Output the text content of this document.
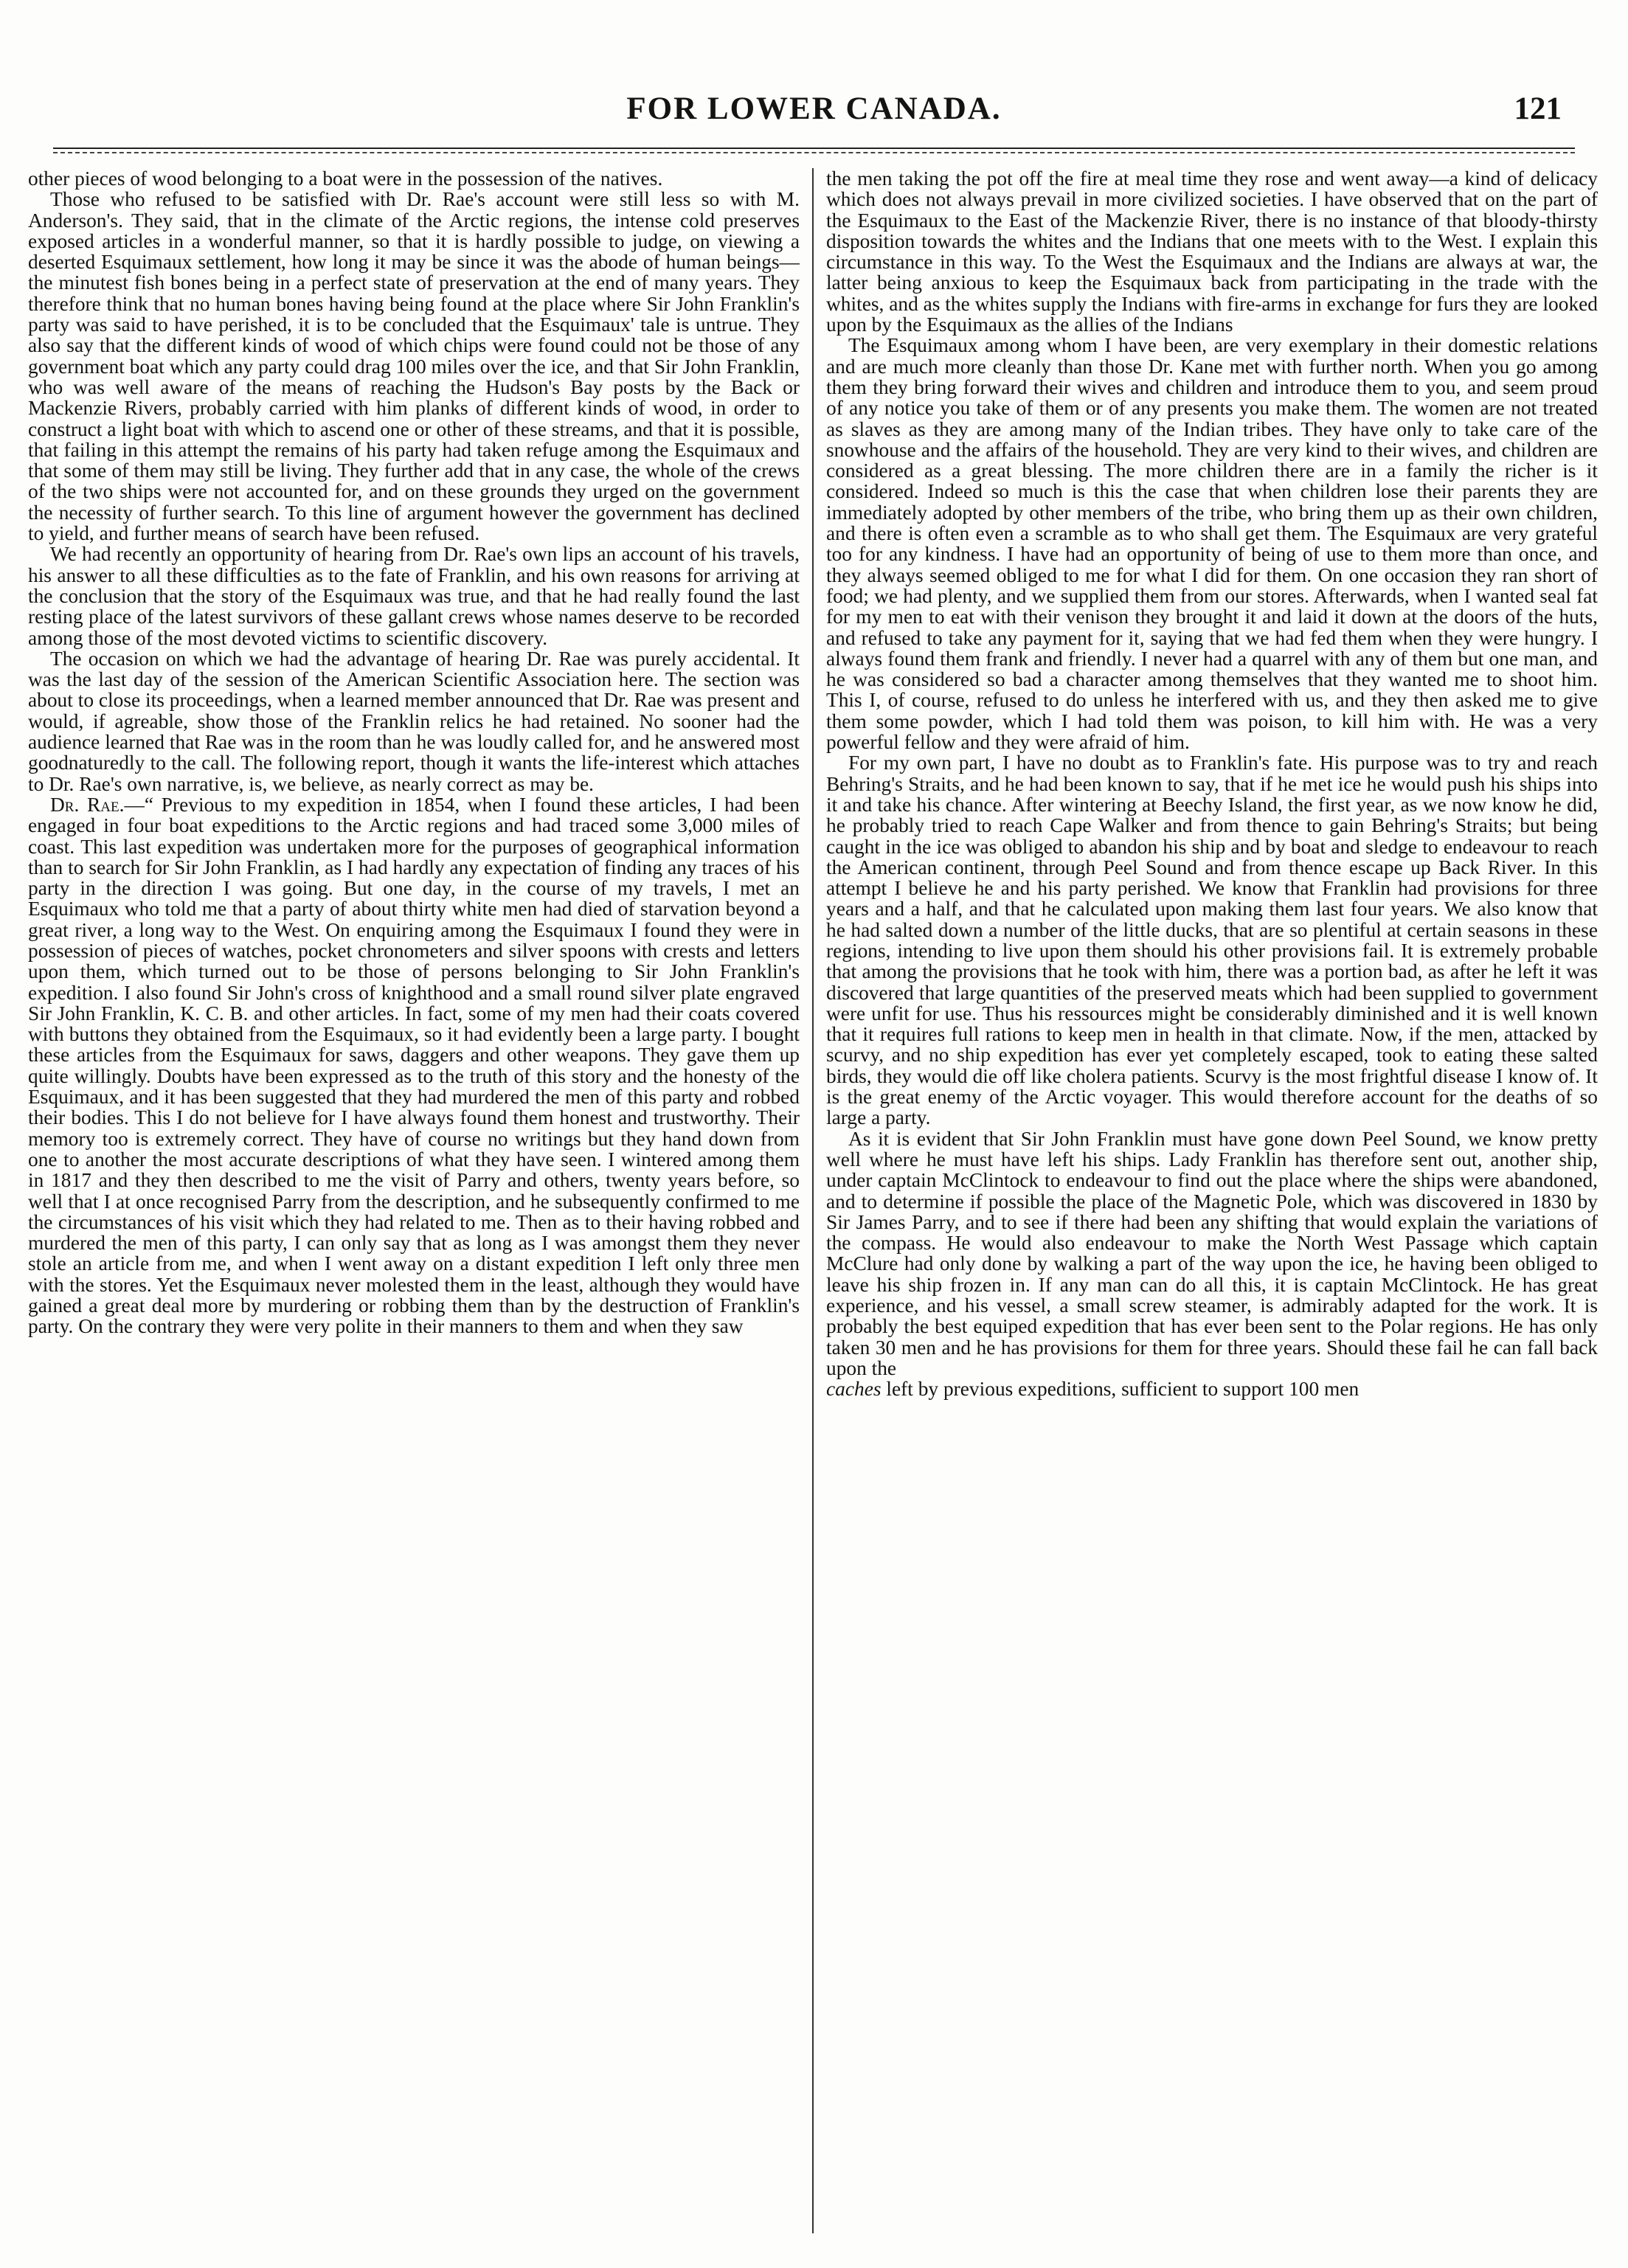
FOR LOWER CANADA.	121

other pieces of wood belonging to a boat were in the possession of the natives.

Those who refused to be satisfied with Dr. Rae's account were still less so with M. Anderson's. They said, that in the climate of the Arctic regions, the intense cold preserves exposed articles in a wonderful manner, so that it is hardly possible to judge, on viewing a deserted Esquimaux settlement, how long it may be since it was the abode of human beings—the minutest fish bones being in a perfect state of preservation at the end of many years. They therefore think that no human bones having being found at the place where Sir John Franklin's party was said to have perished, it is to be concluded that the Esquimaux' tale is untrue. They also say that the different kinds of wood of which chips were found could not be those of any government boat which any party could drag 100 miles over the ice, and that Sir John Franklin, who was well aware of the means of reaching the Hudson's Bay posts by the Back or Mackenzie Rivers, probably carried with him planks of different kinds of wood, in order to construct a light boat with which to ascend one or other of these streams, and that it is possible, that failing in this attempt the remains of his party had taken refuge among the Esquimaux and that some of them may still be living. They further add that in any case, the whole of the crews of the two ships were not accounted for, and on these grounds they urged on the government the necessity of further search. To this line of argument however the government has declined to yield, and further means of search have been refused.

We had recently an opportunity of hearing from Dr. Rae's own lips an account of his travels, his answer to all these difficulties as to the fate of Franklin, and his own reasons for arriving at the conclusion that the story of the Esquimaux was true, and that he had really found the last resting place of the latest survivors of these gallant crews whose names deserve to be recorded among those of the most devoted victims to scientific discovery.

The occasion on which we had the advantage of hearing Dr. Rae was purely accidental. It was the last day of the session of the American Scientific Association here. The section was about to close its proceedings, when a learned member announced that Dr. Rae was present and would, if agreable, show those of the Franklin relics he had retained. No sooner had the audience learned that Rae was in the room than he was loudly called for, and he answered most goodnaturedly to the call. The following report, though it wants the life-interest which attaches to Dr. Rae's own narrative, is, we believe, as nearly correct as may be.

Dr. Rae.—“ Previous to my expedition in 1854, when I found these articles, I had been engaged in four boat expeditions to the Arctic regions and had traced some 3,000 miles of coast. This last expedition was undertaken more for the purposes of geographical information than to search for Sir John Franklin, as I had hardly any expectation of finding any traces of his party in the direction I was going. But one day, in the course of my travels, I met an Esquimaux who told me that a party of about thirty white men had died of starvation beyond a great river, a long way to the West. On enquiring among the Esquimaux I found they were in possession of pieces of watches, pocket chronometers and silver spoons with crests and letters upon them, which turned out to be those of persons belonging to Sir John Franklin's expedition. I also found Sir John's cross of knighthood and a small round silver plate engraved Sir John Franklin, K. C. B. and other articles. In fact, some of my men had their coats covered with buttons they obtained from the Esquimaux, so it had evidently been a large party. I bought these articles from the Esquimaux for saws, daggers and other weapons. They gave them up quite willingly. Doubts have been expressed as to the truth of this story and the honesty of the Esquimaux, and it has been suggested that they had murdered the men of this party and robbed their bodies. This I do not believe for I have always found them honest and trustworthy. Their memory too is extremely correct. They have of course no writings but they hand down from one to another the most accurate descriptions of what they have seen. I wintered among them in 1817 and they then described to me the visit of Parry and others, twenty years before, so well that I at once recognised Parry from the description, and he subsequently confirmed to me the circumstances of his visit which they had related to me. Then as to their having robbed and murdered the men of this party, I can only say that as long as I was amongst them they never stole an article from me, and when I went away on a distant expedition I left only three men with the stores. Yet the Esquimaux never molested them in the least, although they would have gained a great deal more by murdering or robbing them than by the destruction of Franklin's party. On the contrary they were very polite in their manners to them and when they saw

the men taking the pot off the fire at meal time they rose and went away—a kind of delicacy which does not always prevail in more civilized societies. I have observed that on the part of the Esquimaux to the East of the Mackenzie River, there is no instance of that bloody-thirsty disposition towards the whites and the Indians that one meets with to the West. I explain this circumstance in this way. To the West the Esquimaux and the Indians are always at war, the latter being anxious to keep the Esquimaux back from participating in the trade with the whites, and as the whites supply the Indians with fire-arms in exchange for furs they are looked upon by the Esquimaux as the allies of the Indians

The Esquimaux among whom I have been, are very exemplary in their domestic relations and are much more cleanly than those Dr. Kane met with further north. When you go among them they bring forward their wives and children and introduce them to you, and seem proud of any notice you take of them or of any presents you make them. The women are not treated as slaves as they are among many of the Indian tribes. They have only to take care of the snowhouse and the affairs of the household. They are very kind to their wives, and children are considered as a great blessing. The more children there are in a family the richer is it considered. Indeed so much is this the case that when children lose their parents they are immediately adopted by other members of the tribe, who bring them up as their own children, and there is often even a scramble as to who shall get them. The Esquimaux are very grateful too for any kindness. I have had an opportunity of being of use to them more than once, and they always seemed obliged to me for what I did for them. On one occasion they ran short of food; we had plenty, and we supplied them from our stores. Afterwards, when I wanted seal fat for my men to eat with their venison they brought it and laid it down at the doors of the huts, and refused to take any payment for it, saying that we had fed them when they were hungry. I always found them frank and friendly. I never had a quarrel with any of them but one man, and he was considered so bad a character among themselves that they wanted me to shoot him. This I, of course, refused to do unless he interfered with us, and they then asked me to give them some powder, which I had told them was poison, to kill him with. He was a very powerful fellow and they were afraid of him.

For my own part, I have no doubt as to Franklin's fate. His purpose was to try and reach Behring's Straits, and he had been known to say, that if he met ice he would push his ships into it and take his chance. After wintering at Beechy Island, the first year, as we now know he did, he probably tried to reach Cape Walker and from thence to gain Behring's Straits; but being caught in the ice was obliged to abandon his ship and by boat and sledge to endeavour to reach the American continent, through Peel Sound and from thence escape up Back River. In this attempt I believe he and his party perished. We know that Franklin had provisions for three years and a half, and that he calculated upon making them last four years. We also know that he had salted down a number of the little ducks, that are so plentiful at certain seasons in these regions, intending to live upon them should his other provisions fail. It is extremely probable that among the provisions that he took with him, there was a portion bad, as after he left it was discovered that large quantities of the preserved meats which had been supplied to government were unfit for use. Thus his ressources might be considerably diminished and it is well known that it requires full rations to keep men in health in that climate. Now, if the men, attacked by scurvy, and no ship expedition has ever yet completely escaped, took to eating these salted birds, they would die off like cholera patients. Scurvy is the most frightful disease I know of. It is the great enemy of the Arctic voyager. This would therefore account for the deaths of so large a party.

As it is evident that Sir John Franklin must have gone down Peel Sound, we know pretty well where he must have left his ships. Lady Franklin has therefore sent out, another ship, under captain McClintock to endeavour to find out the place where the ships were abandoned, and to determine if possible the place of the Magnetic Pole, which was discovered in 1830 by Sir James Parry, and to see if there had been any shifting that would explain the variations of the compass. He would also endeavour to make the North West Passage which captain McClure had only done by walking a part of the way upon the ice, he having been obliged to leave his ship frozen in. If any man can do all this, it is captain McClintock. He has great experience, and his vessel, a small screw steamer, is admirably adapted for the work. It is probably the best equiped expedition that has ever been sent to the Polar regions. He has only taken 30 men and he has provisions for them for three years. Should these fail he can fall back upon the

caches left by previous expeditions, sufficient to support 100 men
